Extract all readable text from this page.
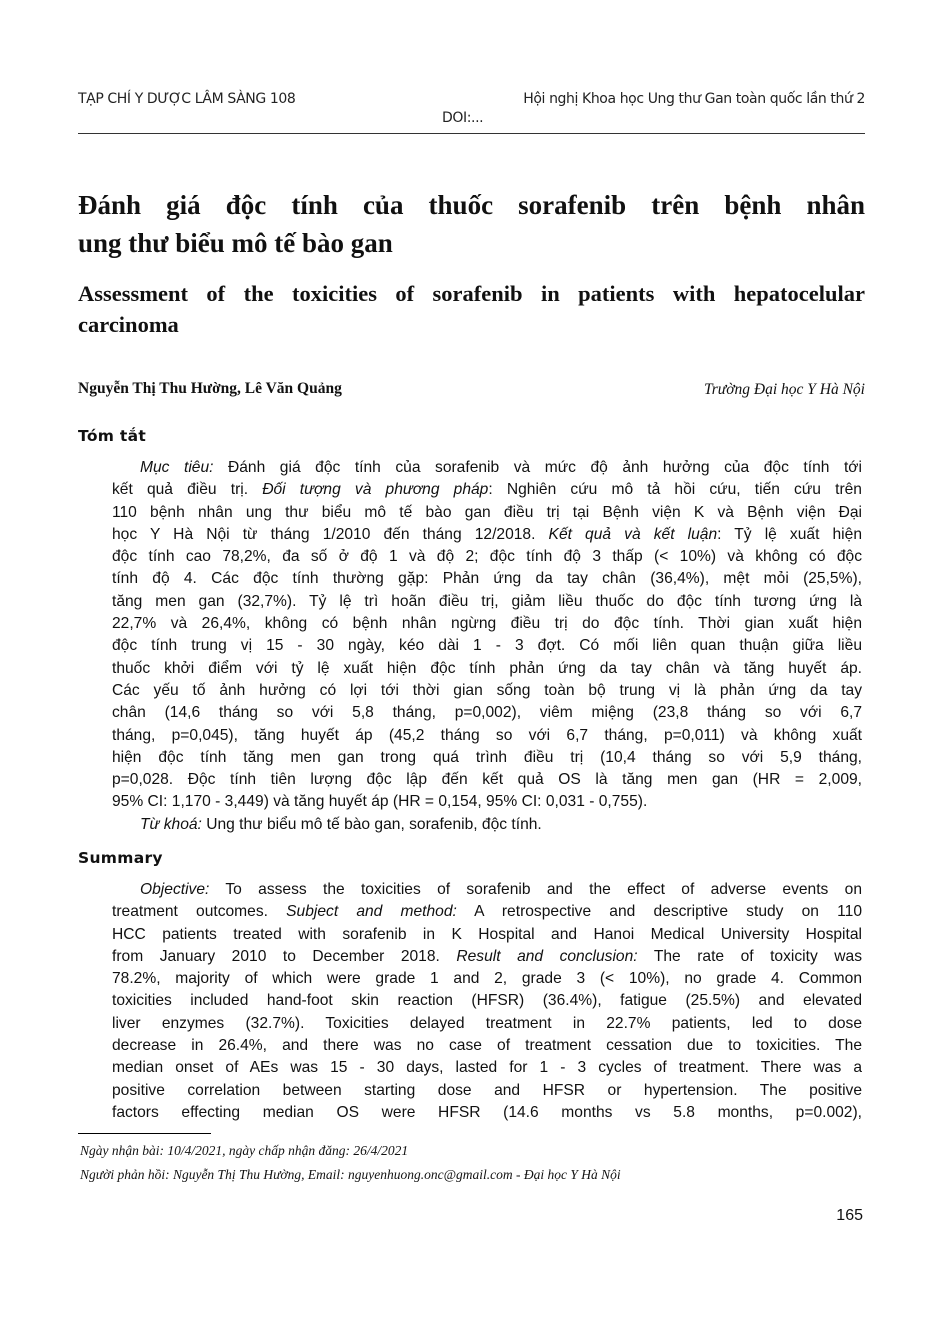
TẠP CHÍ Y DƯỢC LÂM SÀNG 108	Hội nghị Khoa học Ung thư Gan toàn quốc lần thứ 2
DOI:...
Đánh giá độc tính của thuốc sorafenib trên bệnh nhân
ung thư biểu mô tế bào gan
Assessment of the toxicities of sorafenib in patients with hepatocelular
carcinoma
Nguyễn Thị Thu Hường, Lê Văn Quảng	Trường Đại học Y Hà Nội
Tóm tắt
Mục tiêu: Đánh giá độc tính của sorafenib và mức độ ảnh hưởng của độc tính tới
kết quả điều trị. Đối tượng và phương pháp: Nghiên cứu mô tả hồi cứu, tiến cứu trên
110 bệnh nhân ung thư biểu mô tế bào gan điều trị tại Bệnh viện K và Bệnh viện Đại
học Y Hà Nội từ tháng 1/2010 đến tháng 12/2018. Kết quả và kết luận: Tỷ lệ xuất hiện
độc tính cao 78,2%, đa số ở độ 1 và độ 2; độc tính độ 3 thấp (< 10%) và không có độc
tính độ 4. Các độc tính thường gặp: Phản ứng da tay chân (36,4%), mệt mỏi (25,5%),
tăng men gan (32,7%). Tỷ lệ trì hoãn điều trị, giảm liều thuốc do độc tính tương ứng là
22,7% và 26,4%, không có bệnh nhân ngừng điều trị do độc tính. Thời gian xuất hiện
độc tính trung vị 15 - 30 ngày, kéo dài 1 - 3 đợt. Có mối liên quan thuận giữa liều
thuốc khởi điểm với tỷ lệ xuất hiện độc tính phản ứng da tay chân và tăng huyết áp.
Các yếu tố ảnh hưởng có lợi tới thời gian sống toàn bộ trung vị là phản ứng da tay
chân (14,6 tháng so với 5,8 tháng, p=0,002), viêm miệng (23,8 tháng so với 6,7
tháng, p=0,045), tăng huyết áp (45,2 tháng so với 6,7 tháng, p=0,011) và không xuất
hiện độc tính tăng men gan trong quá trình điều trị (10,4 tháng so với 5,9 tháng,
p=0,028. Độc tính tiên lượng độc lập đến kết quả OS là tăng men gan (HR = 2,009,
95% CI: 1,170 - 3,449) và tăng huyết áp (HR = 0,154, 95% CI: 0,031 - 0,755).
Từ khoá: Ung thư biểu mô tế bào gan, sorafenib, độc tính.
Summary
Objective: To assess the toxicities of sorafenib and the effect of adverse events on
treatment outcomes. Subject and method: A retrospective and descriptive study on 110
HCC patients treated with sorafenib in K Hospital and Hanoi Medical University Hospital
from January 2010 to December 2018. Result and conclusion: The rate of toxicity was
78.2%, majority of which were grade 1 and 2, grade 3 (< 10%), no grade 4. Common
toxicities included hand-foot skin reaction (HFSR) (36.4%), fatigue (25.5%) and elevated
liver enzymes (32.7%). Toxicities delayed treatment in 22.7% patients, led to dose
decrease in 26.4%, and there was no case of treatment cessation due to toxicities. The
median onset of AEs was 15 - 30 days, lasted for 1 - 3 cycles of treatment. There was a
positive correlation between starting dose and HFSR or hypertension. The positive
factors effecting median OS were HFSR (14.6 months vs 5.8 months, p=0.002),
Ngày nhận bài: 10/4/2021, ngày chấp nhận đăng: 26/4/2021
Người phản hồi: Nguyễn Thị Thu Hường, Email: nguyenhuong.onc@gmail.com - Đại học Y Hà Nội
165
